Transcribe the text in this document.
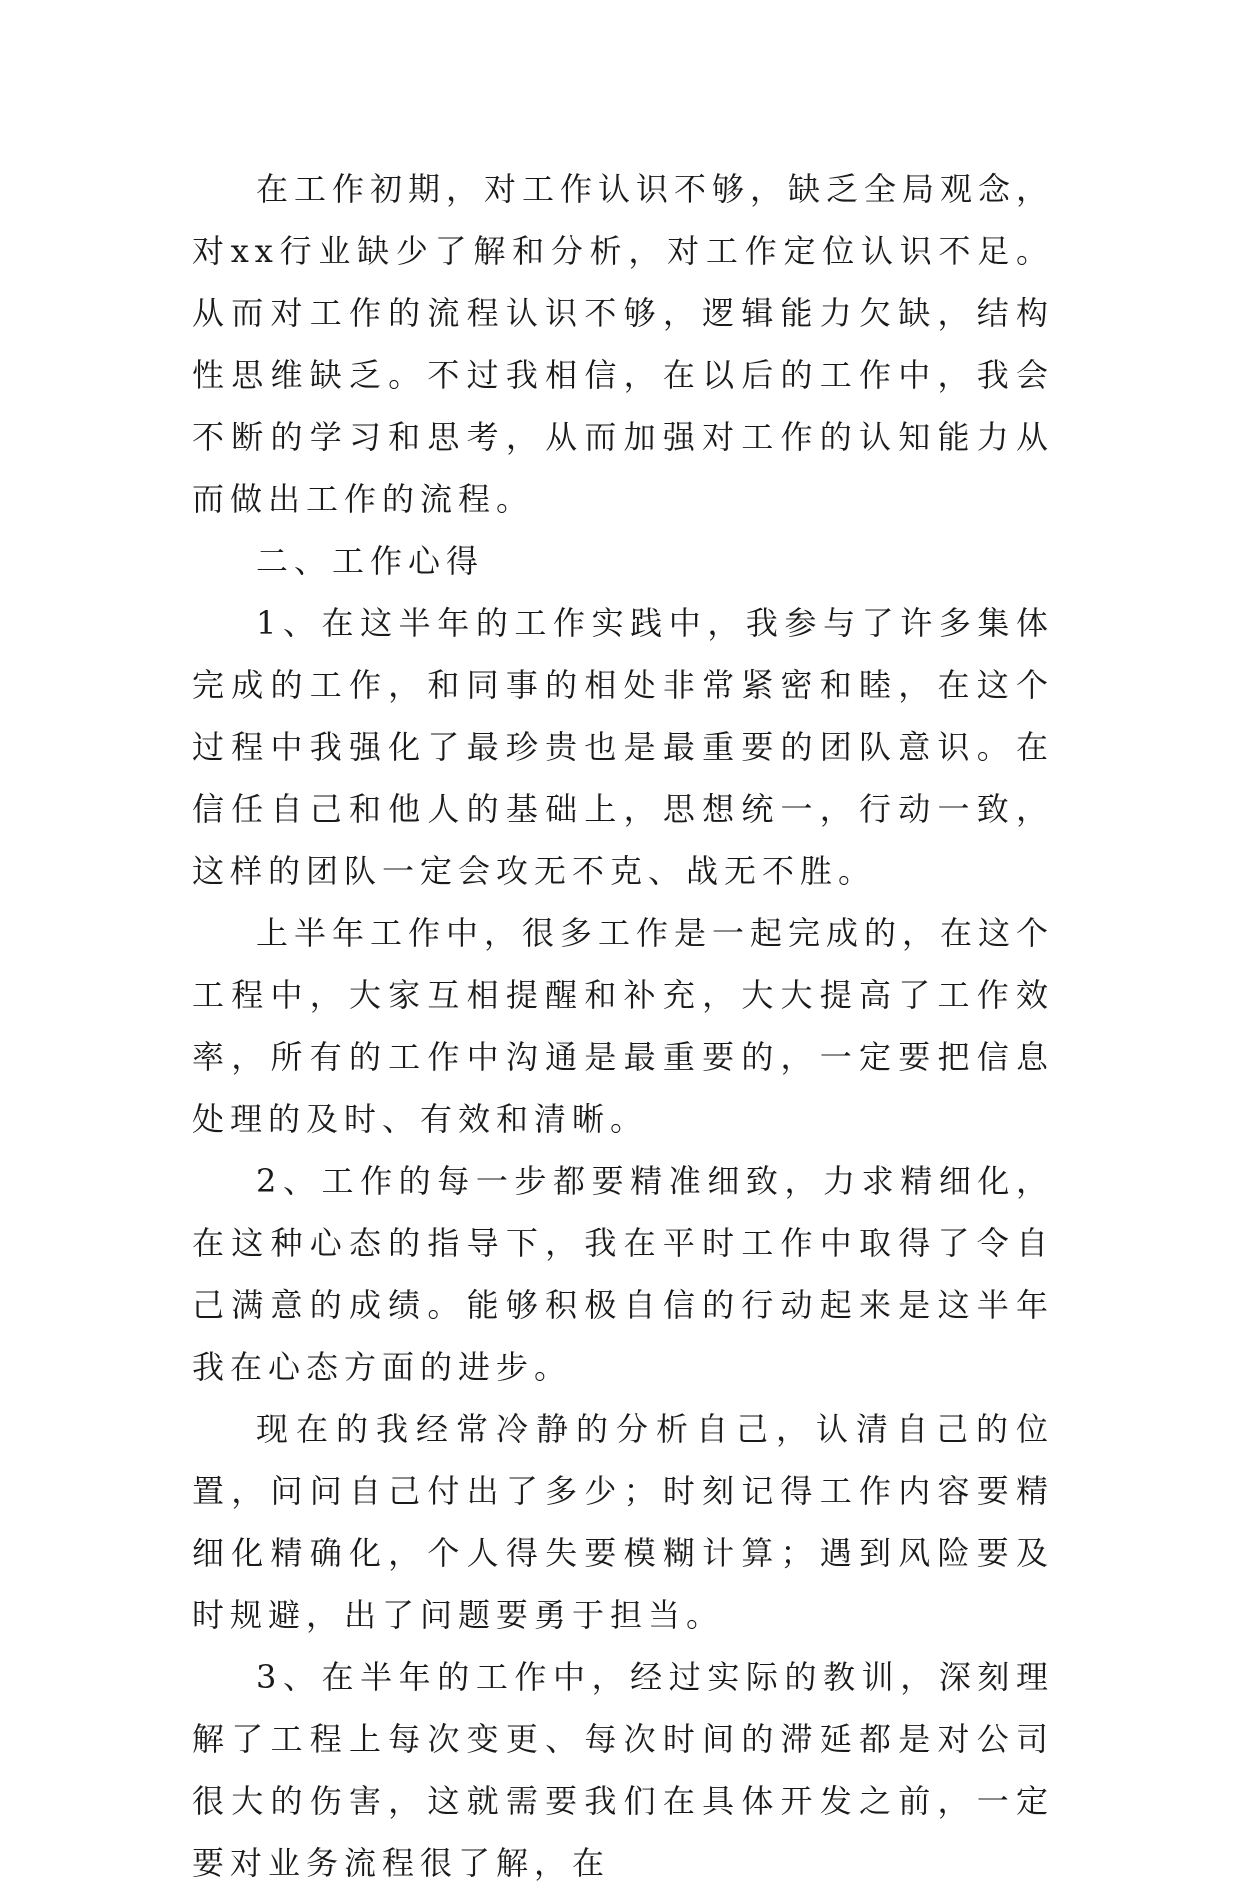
在工作初期，对工作认识不够，缺乏全局观念，对xx行业缺少了解和分析，对工作定位认识不足。从而对工作的流程认识不够，逻辑能力欠缺，结构性思维缺乏。不过我相信，在以后的工作中，我会不断的学习和思考，从而加强对工作的认知能力从而做出工作的流程。

二、工作心得

1、在这半年的工作实践中，我参与了许多集体完成的工作，和同事的相处非常紧密和睦，在这个过程中我强化了最珍贵也是最重要的团队意识。在信任自己和他人的基础上，思想统一，行动一致，这样的团队一定会攻无不克、战无不胜。

上半年工作中，很多工作是一起完成的，在这个工程中，大家互相提醒和补充，大大提高了工作效率，所有的工作中沟通是最重要的，一定要把信息处理的及时、有效和清晰。

2、工作的每一步都要精准细致，力求精细化，在这种心态的指导下，我在平时工作中取得了令自己满意的成绩。能够积极自信的行动起来是这半年我在心态方面的进步。

现在的我经常冷静的分析自己，认清自己的位置，问问自己付出了多少；时刻记得工作内容要精细化精确化，个人得失要模糊计算；遇到风险要及时规避，出了问题要勇于担当。

3、在半年的工作中，经过实际的教训，深刻理解了工程上每次变更、每次时间的滞延都是对公司很大的伤害，这就需要我们在具体开发之前，一定要对业务流程很了解，在
